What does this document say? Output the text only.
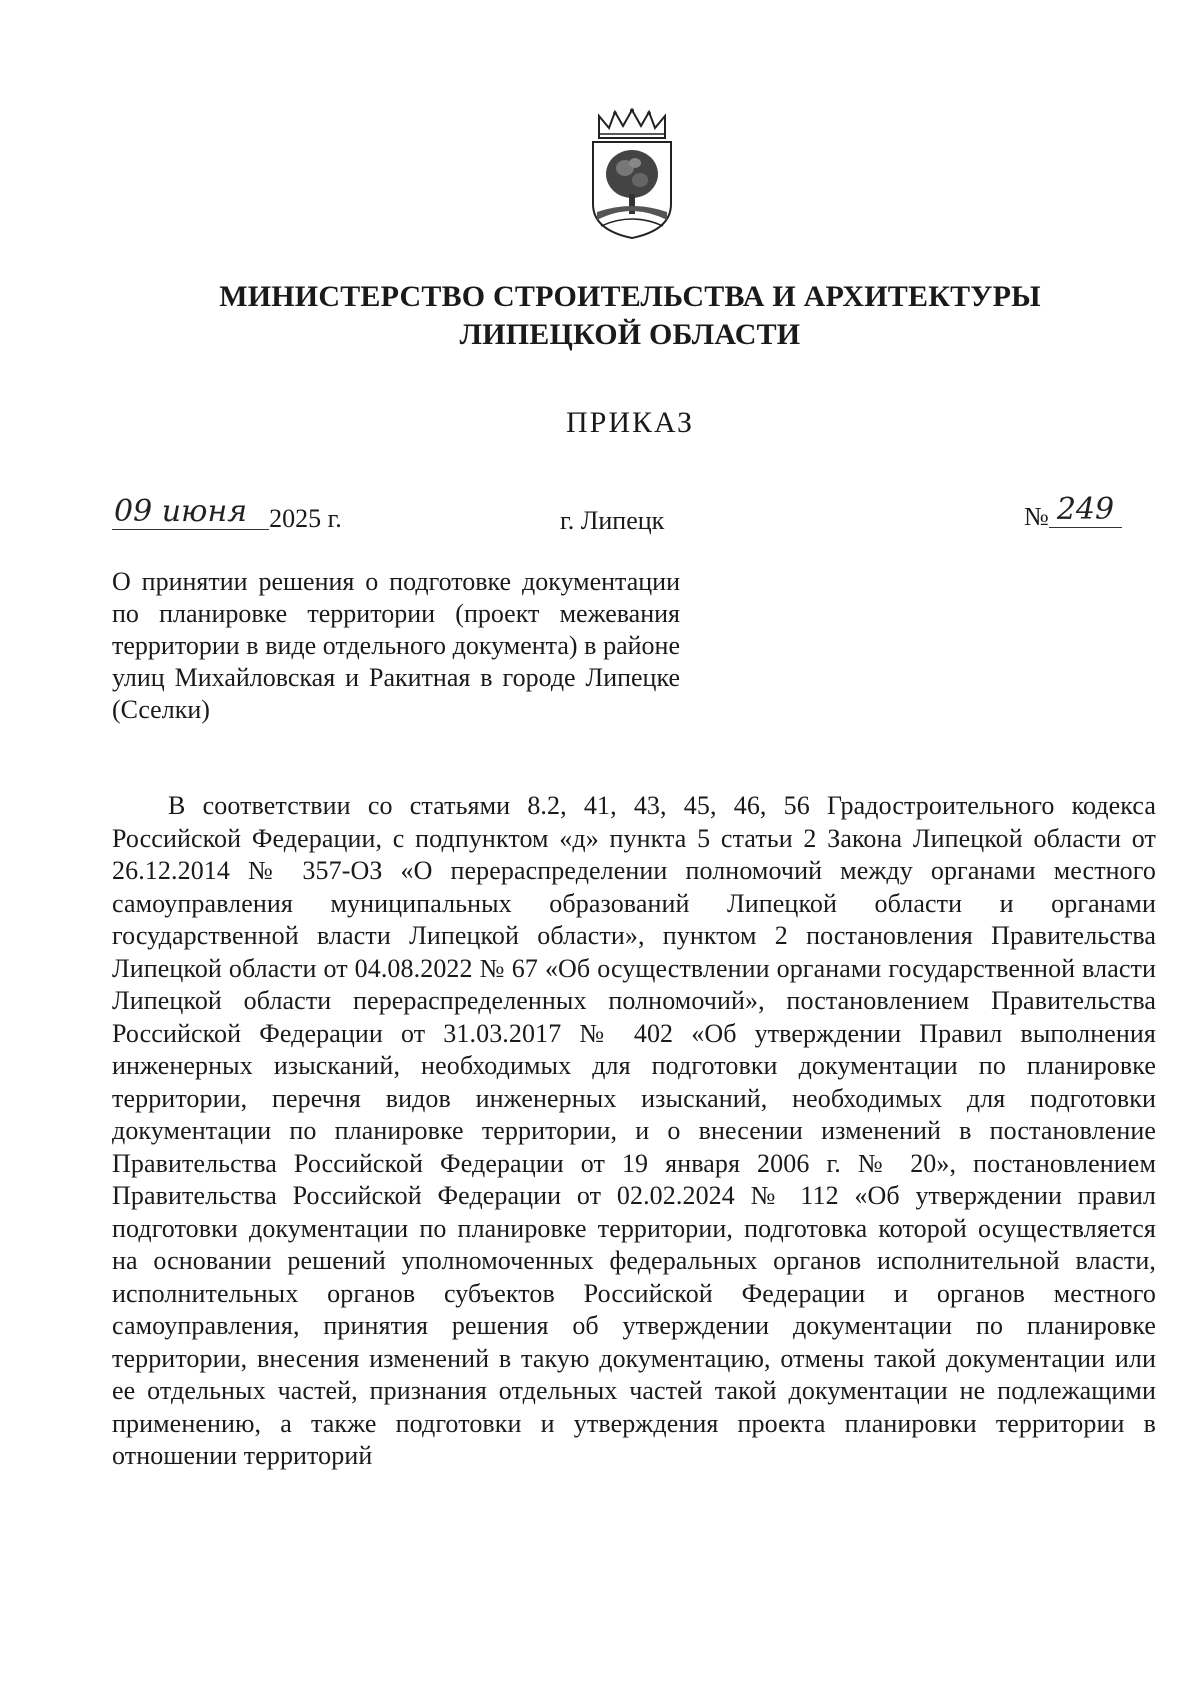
МИНИСТЕРСТВО СТРОИТЕЛЬСТВА И АРХИТЕКТУРЫ
ЛИПЕЦКОЙ ОБЛАСТИ
ПРИКАЗ
09 июня 2025 г.	г. Липецк	№ 249
О принятии решения о подготовке документации по планировке территории (проект межевания территории в виде отдельного документа) в районе улиц Михайловская и Ракитная в городе Липецке (Сселки)
В соответствии со статьями 8.2, 41, 43, 45, 46, 56 Градостроительного кодекса Российской Федерации, с подпунктом «д» пункта 5 статьи 2 Закона Липецкой области от 26.12.2014 № 357-ОЗ «О перераспределении полномочий между органами местного самоуправления муниципальных образований Липецкой области и органами государственной власти Липецкой области», пунктом 2 постановления Правительства Липецкой области от 04.08.2022 № 67 «Об осуществлении органами государственной власти Липецкой области перераспределенных полномочий», постановлением Правительства Российской Федерации от 31.03.2017 № 402 «Об утверждении Правил выполнения инженерных изысканий, необходимых для подготовки документации по планировке территории, перечня видов инженерных изысканий, необходимых для подготовки документации по планировке территории, и о внесении изменений в постановление Правительства Российской Федерации от 19 января 2006 г. № 20», постановлением Правительства Российской Федерации от 02.02.2024 № 112 «Об утверждении правил подготовки документации по планировке территории, подготовка которой осуществляется на основании решений уполномоченных федеральных органов исполнительной власти, исполнительных органов субъектов Российской Федерации и органов местного самоуправления, принятия решения об утверждении документации по планировке территории, внесения изменений в такую документацию, отмены такой документации или ее отдельных частей, признания отдельных частей такой документации не подлежащими применению, а также подготовки и утверждения проекта планировки территории в отношении территорий
